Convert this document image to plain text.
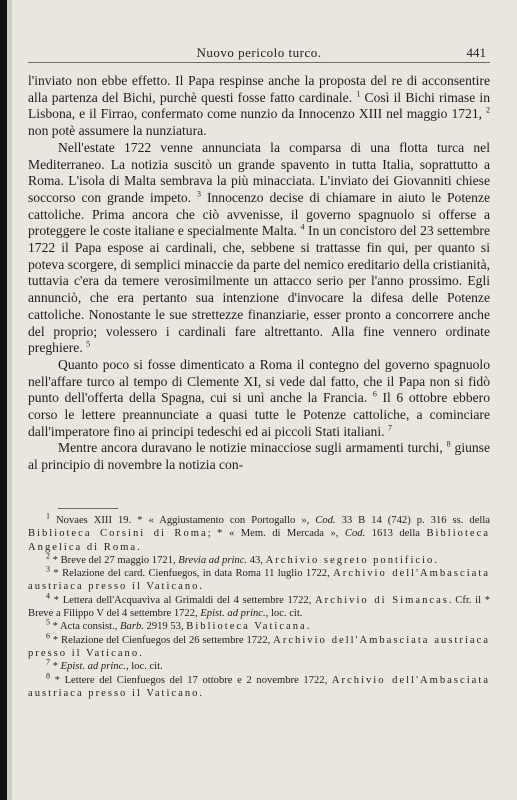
Nuovo pericolo turco.	441

l'inviato non ebbe effetto. Il Papa respinse anche la proposta del re di acconsentire alla partenza del Bichi, purchè questi fosse fatto cardinale. $^1$ Così il Bichi rimase in Lisbona, e il Firrao, confermato come nunzio da Innocenzo XIII nel maggio 1721, $^2$ non potè assumere la nunziatura.

Nell'estate 1722 venne annunciata la comparsa di una flotta turca nel Mediterraneo. La notizia suscitò un grande spavento in tutta Italia, soprattutto a Roma. L'isola di Malta sembrava la più minacciata. L'inviato dei Giovanniti chiese soccorso con grande impeto. $^3$ Innocenzo decise di chiamare in aiuto le Potenze cattoliche. Prima ancora che ciò avvenisse, il governo spagnuolo si offerse a proteggere le coste italiane e specialmente Malta. $^4$ In un concistoro del 23 settembre 1722 il Papa espose ai cardinali, che, sebbene si trattasse fin qui, per quanto si poteva scorgere, di semplici minaccie da parte del nemico ereditario della cristianità, tuttavia c'era da temere verosimilmente un attacco serio per l'anno prossimo. Egli annunciò, che era pertanto sua intenzione d'invocare la difesa delle Potenze cattoliche. Nonostante le sue strettezze finanziarie, esser pronto a concorrere anche del proprio; volessero i cardinali fare altrettanto. Alla fine vennero ordinate preghiere. $^5$

Quanto poco si fosse dimenticato a Roma il contegno del governo spagnuolo nell'affare turco al tempo di Clemente XI, si vede dal fatto, che il Papa non si fidò punto dell'offerta della Spagna, cui si unì anche la Francia. $^6$ Il 6 ottobre ebbero corso le lettere preannunciate a quasi tutte le Potenze cattoliche, a cominciare dall'imperatore fino ai principi tedeschi ed ai piccoli Stati italiani. $^7$

Mentre ancora duravano le notizie minacciose sugli armamenti turchi, $^8$ giunse al principio di novembre la notizia con-

$^1$ Novaes XIII 19. * « Aggiustamento con Portogallo », Cod. 33 B 14 (742) p. 316 ss. della Biblioteca Corsini di Roma; * « Mem. di Mercada », Cod. 1613 della Biblioteca Angelica di Roma.

$^2$ * Breve del 27 maggio 1721, Brevia ad princ. 43, Archivio segreto pontificio.

$^3$ * Relazione del card. Cienfuegos, in data Roma 11 luglio 1722, Archivio dell'Ambasciata austriaca presso il Vaticano.

$^4$ * Lettera dell'Acquaviva al Grimaldi del 4 settembre 1722, Archivio di Simancas. Cfr. il * Breve a Filippo V del 4 settembre 1722, Epist. ad princ., loc. cit.

$^5$ * Acta consist., Barb. 2919 53, Biblioteca Vaticana.

$^6$ * Relazione del Cienfuegos del 26 settembre 1722, Archivio dell'Ambasciata austriaca presso il Vaticano.

$^7$ * Epist. ad princ., loc. cit.

$^8$ * Lettere del Cienfuegos del 17 ottobre e 2 novembre 1722, Archivio dell'Ambasciata austriaca presso il Vaticano.
